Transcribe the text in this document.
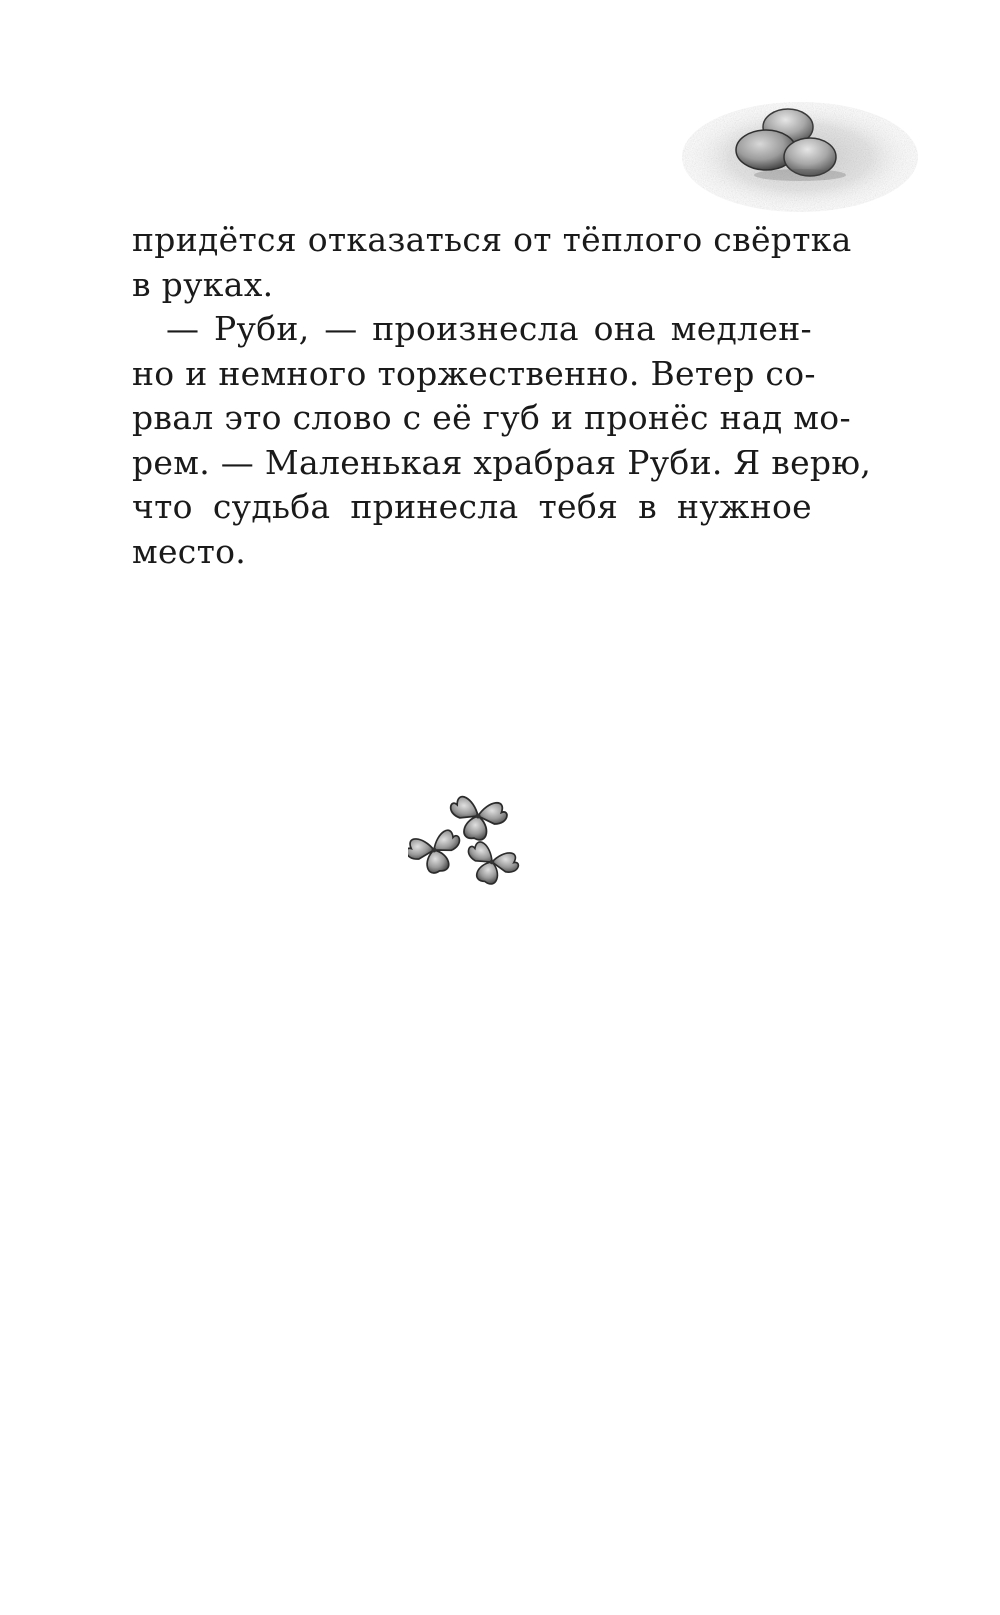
придётся отказаться от тёплого свёртка
в руках.
— Руби, — произнесла она медлен-
но и немного торжественно. Ветер со-
рвал это слово с её губ и пронёс над мо-
рем. — Маленькая храбрая Руби. Я верю,
что судьба принесла тебя в нужное
место.
